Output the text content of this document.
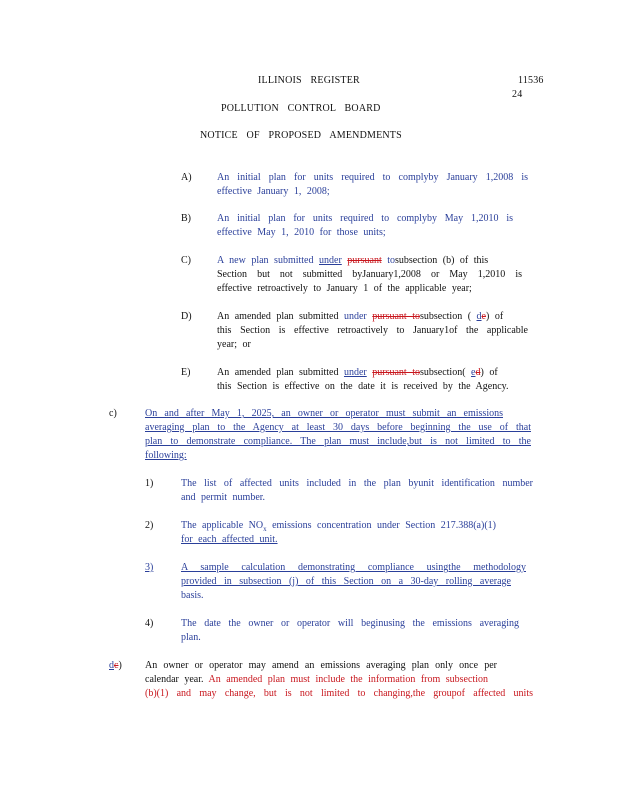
ILLINOIS REGISTER	11536
24
POLLUTION CONTROL BOARD
NOTICE OF PROPOSED AMENDMENTS
A)	An initial plan for units required to complyby January 1,2008 is
effective January 1, 2008;
B)	An initial plan for units required to complyby May 1,2010 is
effective May 1, 2010 for those units;
C)	A new plan submitted under pursuant tosubsection (b) of this
Section but not submitted byJanuary1,2008 or May 1,2010 is
effective retroactively to January 1 of the applicable year;
D)	An amended plan submitted under pursuant tosubsection ( de) of
this Section is effective retroactively to January1of the applicable
year; or
E)	An amended plan submitted under pursuant tosubsection( ed) of
this Section is effective on the date it is received by the Agency.
c)	On and after May 1, 2025, an owner or operator must submit an emissions
averaging plan to the Agency at least 30 days before beginning the use of that
plan to demonstrate compliance. The plan must include,but is not limited to the
following:
1)	The list of affected units included in the plan byunit identification number
and permit number.
2)	The applicable $NO_x$ emissions concentration under Section 217.388(a)(1)
for each affected unit.
3)	A sample calculation demonstrating compliance usingthe methodology
provided in subsection (j) of this Section on a 30-day rolling average
basis.
4)	The date the owner or operator will beginusing the emissions averaging
plan.
dc) An owner or operator may amend an emissions averaging plan only once per
calendar year. An amended plan must include the information from subsection
(b)(1) and may change, but is not limited to changing,the groupof affected units
